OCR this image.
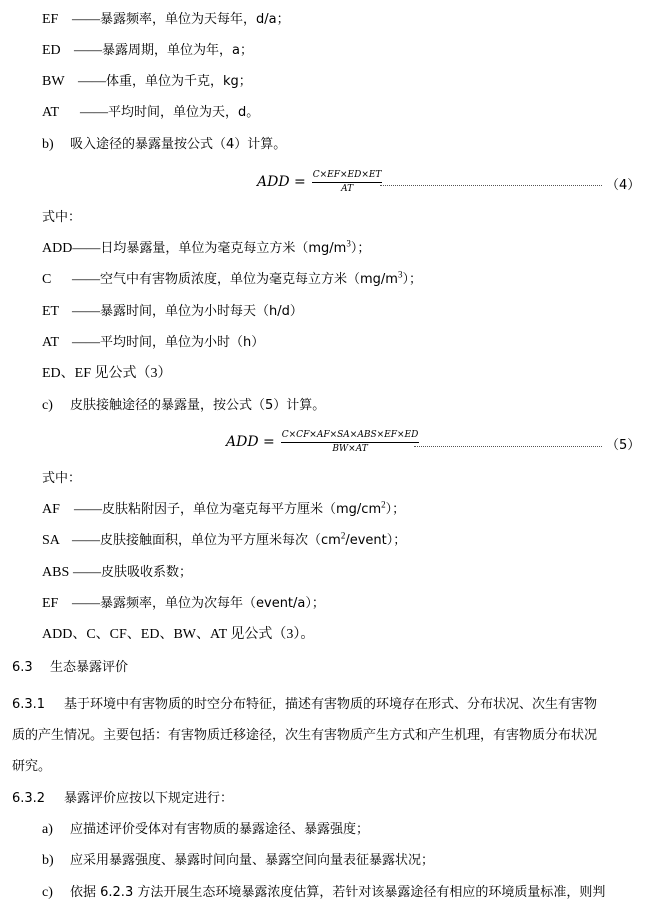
EF ——暴露频率，单位为天每年，d/a；
ED ——暴露周期，单位为年，a；
BW ——体重，单位为千克，kg；
AT ——平均时间，单位为天，d。
b) 吸入途径的暴露量按公式（4）计算。
ADD = $\frac{C\times EF\times ED\times ET}{AT}$	（4）
式中：
ADD——日均暴露量，单位为毫克每立方米$(mg/m^3)$；
C ——空气中有害物质浓度，单位为毫克每立方米$(mg/m^3)$；
ET ——暴露时间，单位为小时每天（h/d）
AT ——平均时间，单位为小时（h）
ED、EF 见公式（3）
c) 皮肤接触途径的暴露量，按公式（5）计算。
ADD = $\frac{\text{C×CF×AF×SA×ABS×EF×ED}}{BW\times AT}$	（5）
式中：
AF ——皮肤粘附因子，单位为毫克每平方厘米$(mg/cm^2)$；
SA ——皮肤接触面积，单位为平方厘米每次$(cm^2/event)$；
ABS ——皮肤吸收系数；
EF ——暴露频率，单位为次每年（event/a）；
ADD、C、CF、ED、BW、AT 见公式（3）。
6.3 生态暴露评价
6.3.1 基于环境中有害物质的时空分布特征，描述有害物质的环境存在形式、分布状况、次生有害物
质的产生情况。主要包括：有害物质迁移途径，次生有害物质产生方式和产生机理，有害物质分布状况
研究。
6.3.2 暴露评价应按以下规定进行：
a) 应描述评价受体对有害物质的暴露途径、暴露强度；
b) 应采用暴露强度、暴露时间向量、暴露空间向量表征暴露状况；
c) 依据 6.2.3 方法开展生态环境暴露浓度估算，若针对该暴露途径有相应的环境质量标准，则判
